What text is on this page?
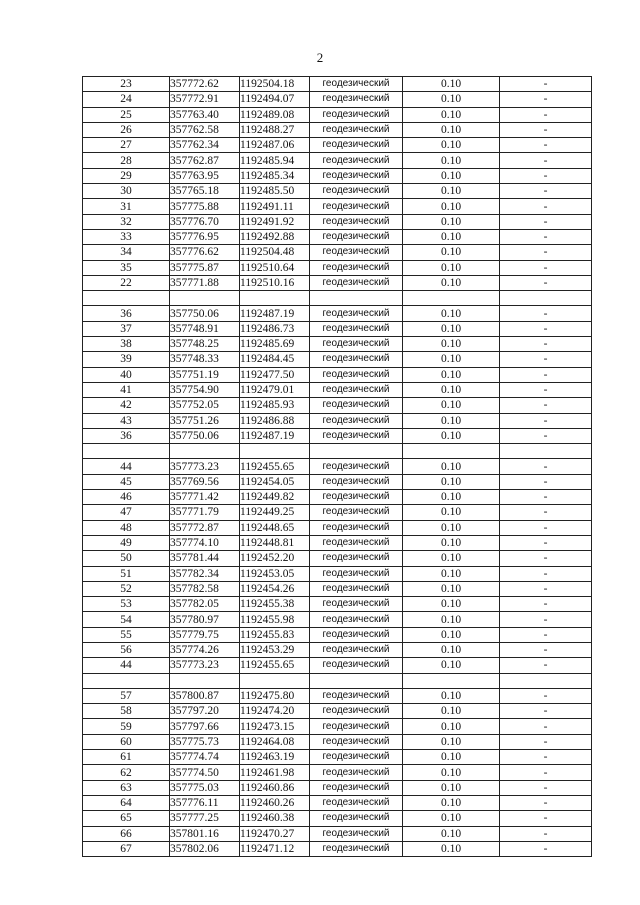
2
23	357772.62	1192504.18	геодезический	0.10	-
24	357772.91	1192494.07	геодезический	0.10	-
25	357763.40	1192489.08	геодезический	0.10	-
26	357762.58	1192488.27	геодезический	0.10	-
27	357762.34	1192487.06	геодезический	0.10	-
28	357762.87	1192485.94	геодезический	0.10	-
29	357763.95	1192485.34	геодезический	0.10	-
30	357765.18	1192485.50	геодезический	0.10	-
31	357775.88	1192491.11	геодезический	0.10	-
32	357776.70	1192491.92	геодезический	0.10	-
33	357776.95	1192492.88	геодезический	0.10	-
34	357776.62	1192504.48	геодезический	0.10	-
35	357775.87	1192510.64	геодезический	0.10	-
22	357771.88	1192510.16	геодезический	0.10	-

36	357750.06	1192487.19	геодезический	0.10	-
37	357748.91	1192486.73	геодезический	0.10	-
38	357748.25	1192485.69	геодезический	0.10	-
39	357748.33	1192484.45	геодезический	0.10	-
40	357751.19	1192477.50	геодезический	0.10	-
41	357754.90	1192479.01	геодезический	0.10	-
42	357752.05	1192485.93	геодезический	0.10	-
43	357751.26	1192486.88	геодезический	0.10	-
36	357750.06	1192487.19	геодезический	0.10	-

44	357773.23	1192455.65	геодезический	0.10	-
45	357769.56	1192454.05	геодезический	0.10	-
46	357771.42	1192449.82	геодезический	0.10	-
47	357771.79	1192449.25	геодезический	0.10	-
48	357772.87	1192448.65	геодезический	0.10	-
49	357774.10	1192448.81	геодезический	0.10	-
50	357781.44	1192452.20	геодезический	0.10	-
51	357782.34	1192453.05	геодезический	0.10	-
52	357782.58	1192454.26	геодезический	0.10	-
53	357782.05	1192455.38	геодезический	0.10	-
54	357780.97	1192455.98	геодезический	0.10	-
55	357779.75	1192455.83	геодезический	0.10	-
56	357774.26	1192453.29	геодезический	0.10	-
44	357773.23	1192455.65	геодезический	0.10	-

57	357800.87	1192475.80	геодезический	0.10	-
58	357797.20	1192474.20	геодезический	0.10	-
59	357797.66	1192473.15	геодезический	0.10	-
60	357775.73	1192464.08	геодезический	0.10	-
61	357774.74	1192463.19	геодезический	0.10	-
62	357774.50	1192461.98	геодезический	0.10	-
63	357775.03	1192460.86	геодезический	0.10	-
64	357776.11	1192460.26	геодезический	0.10	-
65	357777.25	1192460.38	геодезический	0.10	-
66	357801.16	1192470.27	геодезический	0.10	-
67	357802.06	1192471.12	геодезический	0.10	-
